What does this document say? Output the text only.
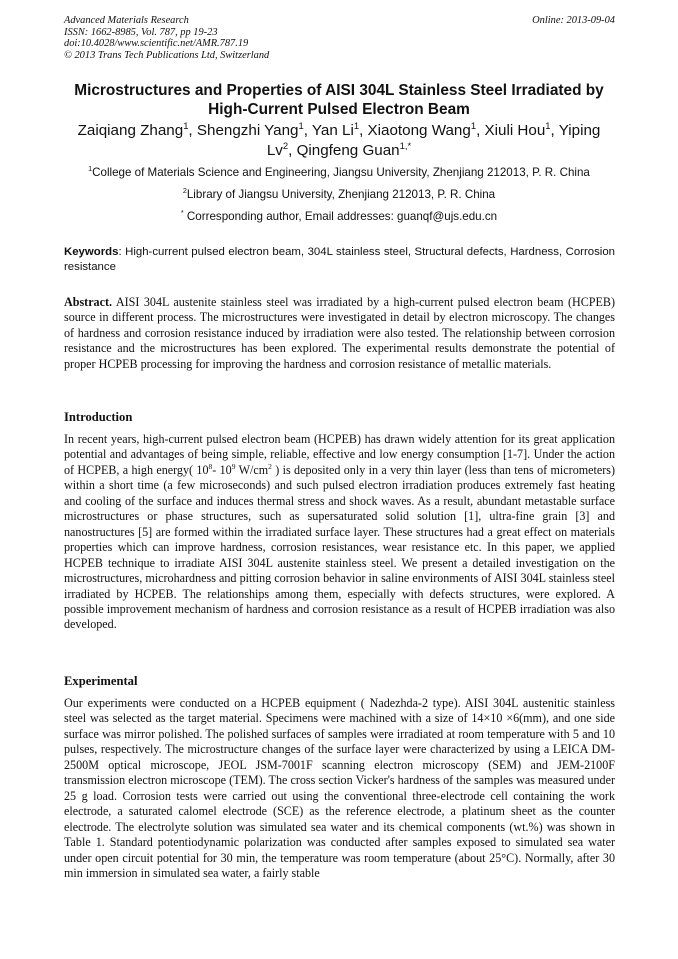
Advanced Materials Research
ISSN: 1662-8985, Vol. 787, pp 19-23
doi:10.4028/www.scientific.net/AMR.787.19
© 2013 Trans Tech Publications Ltd, Switzerland
Online: 2013-09-04
Microstructures and Properties of AISI 304L Stainless Steel Irradiated by High-Current Pulsed Electron Beam
Zaiqiang Zhang$^1$, Shengzhi Yang$^1$, Yan Li$^1$, Xiaotong Wang$^1$, Xiuli Hou$^1$, Yiping Lv$^2$, Qingfeng Guan$^{1,*}$
$^1$College of Materials Science and Engineering, Jiangsu University, Zhenjiang 212013, P. R. China
$^2$Library of Jiangsu University, Zhenjiang 212013, P. R. China
* Corresponding author, Email addresses: guanqf@ujs.edu.cn
Keywords: High-current pulsed electron beam, 304L stainless steel, Structural defects, Hardness, Corrosion resistance
Abstract. AISI 304L austenite stainless steel was irradiated by a high-current pulsed electron beam (HCPEB) source in different process. The microstructures were investigated in detail by electron microscopy. The changes of hardness and corrosion resistance induced by irradiation were also tested. The relationship between corrosion resistance and the microstructures has been explored. The experimental results demonstrate the potential of proper HCPEB processing for improving the hardness and corrosion resistance of metallic materials.
Introduction
In recent years, high-current pulsed electron beam (HCPEB) has drawn widely attention for its great application potential and advantages of being simple, reliable, effective and low energy consumption [1-7]. Under the action of HCPEB, a high energy( $10^8-$ $10^9$ $W/cm^2$ ) is deposited only in a very thin layer (less than tens of micrometers) within a short time (a few microseconds) and such pulsed electron irradiation produces extremely fast heating and cooling of the surface and induces thermal stress and shock waves. As a result, abundant metastable surface microstructures or phase structures, such as supersaturated solid solution [1], ultra-fine grain [3] and nanostructures [5] are formed within the irradiated surface layer. These structures had a great effect on materials properties which can improve hardness, corrosion resistances, wear resistance etc. In this paper, we applied HCPEB technique to irradiate AISI 304L austenite stainless steel. We present a detailed investigation on the microstructures, microhardness and pitting corrosion behavior in saline environments of AISI 304L stainless steel irradiated by HCPEB. The relationships among them, especially with defects structures, were explored. A possible improvement mechanism of hardness and corrosion resistance as a result of HCPEB irradiation was also developed.
Experimental
Our experiments were conducted on a HCPEB equipment ( Nadezhda-2 type). AISI 304L austenitic stainless steel was selected as the target material. Specimens were machined with a size of 14×10 ×6(mm), and one side surface was mirror polished. The polished surfaces of samples were irradiated at room temperature with 5 and 10 pulses, respectively. The microstructure changes of the surface layer were characterized by using a LEICA DM-2500M optical microscope, JEOL JSM-7001F scanning electron microscopy (SEM) and JEM-2100F transmission electron microscope (TEM). The cross section Vicker's hardness of the samples was measured under 25 g load. Corrosion tests were carried out using the conventional three-electrode cell containing the work electrode, a saturated calomel electrode (SCE) as the reference electrode, a platinum sheet as the counter electrode. The electrolyte solution was simulated sea water and its chemical components (wt.%) was shown in Table 1. Standard potentiodynamic polarization was conducted after samples exposed to simulated sea water under open circuit potential for 30 min, the temperature was room temperature (about 25°C). Normally, after 30 min immersion in simulated sea water, a fairly stable
